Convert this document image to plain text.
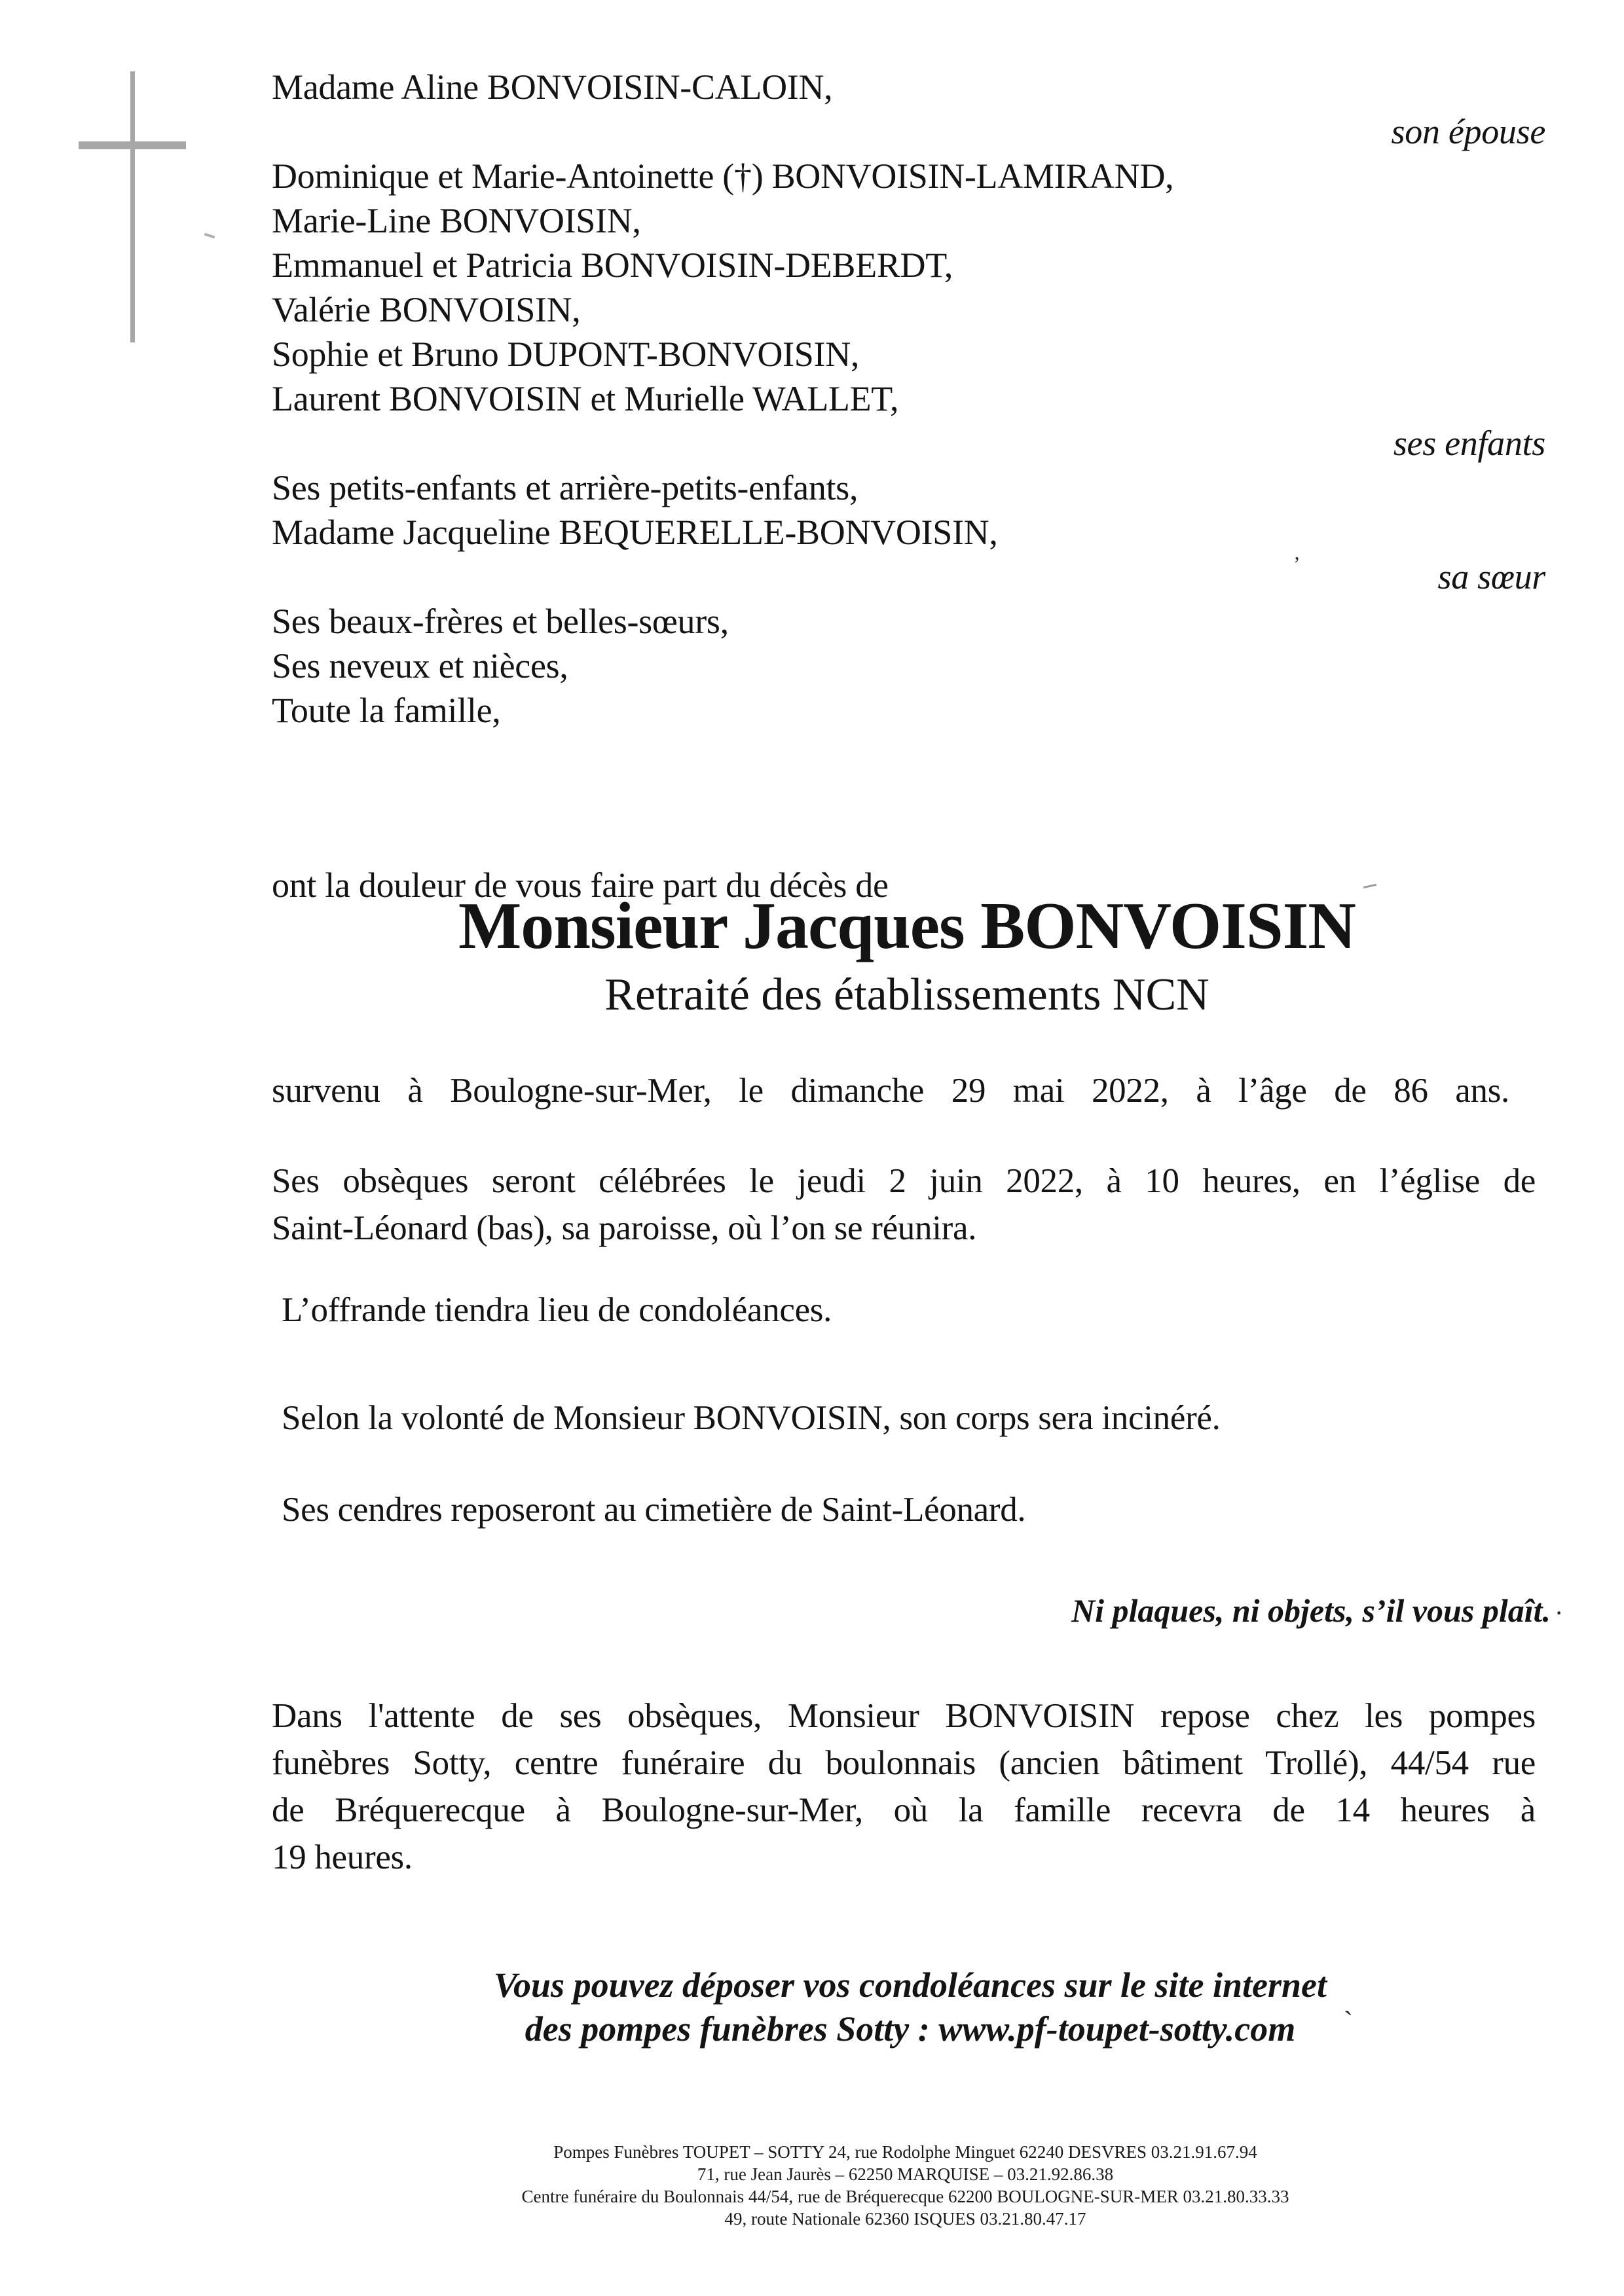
Madame Aline BONVOISIN-CALOIN,
son épouse
Dominique et Marie-Antoinette (†) BONVOISIN-LAMIRAND,
Marie-Line BONVOISIN,
Emmanuel et Patricia BONVOISIN-DEBERDT,
Valérie BONVOISIN,
Sophie et Bruno DUPONT-BONVOISIN,
Laurent BONVOISIN et Murielle WALLET,
ses enfants
Ses petits-enfants et arrière-petits-enfants,
Madame Jacqueline BEQUERELLE-BONVOISIN,
’	sa sœur
Ses beaux-frères et belles-sœurs,
Ses neveux et nièces,
Toute la famille,
ont la douleur de vous faire part du décès de
Monsieur Jacques BONVOISIN
Retraité des établissements NCN
survenu à Boulogne-sur-Mer, le dimanche 29 mai 2022, à l’âge de 86 ans.
Ses obsèques seront célébrées le jeudi 2 juin 2022, à 10 heures, en l’église de
Saint-Léonard (bas), sa paroisse, où l’on se réunira.
L’offrande tiendra lieu de condoléances.
Selon la volonté de Monsieur BONVOISIN, son corps sera incinéré.
Ses cendres reposeront au cimetière de Saint-Léonard.
Ni plaques, ni objets, s’il vous plaît. ·
Dans l'attente de ses obsèques, Monsieur BONVOISIN repose chez les pompes
funèbres Sotty, centre funéraire du boulonnais (ancien bâtiment Trollé), 44/54 rue
de Bréquerecque à Boulogne-sur-Mer, où la famille recevra de 14 heures à
19 heures.
Vous pouvez déposer vos condoléances sur le site internet
des pompes funèbres Sotty : www.pf-toupet-sotty.com	`
Pompes Funèbres TOUPET – SOTTY 24, rue Rodolphe Minguet 62240 DESVRES 03.21.91.67.94
71, rue Jean Jaurès – 62250 MARQUISE – 03.21.92.86.38
Centre funéraire du Boulonnais 44/54, rue de Bréquerecque 62200 BOULOGNE-SUR-MER 03.21.80.33.33
49, route Nationale 62360 ISQUES 03.21.80.47.17
